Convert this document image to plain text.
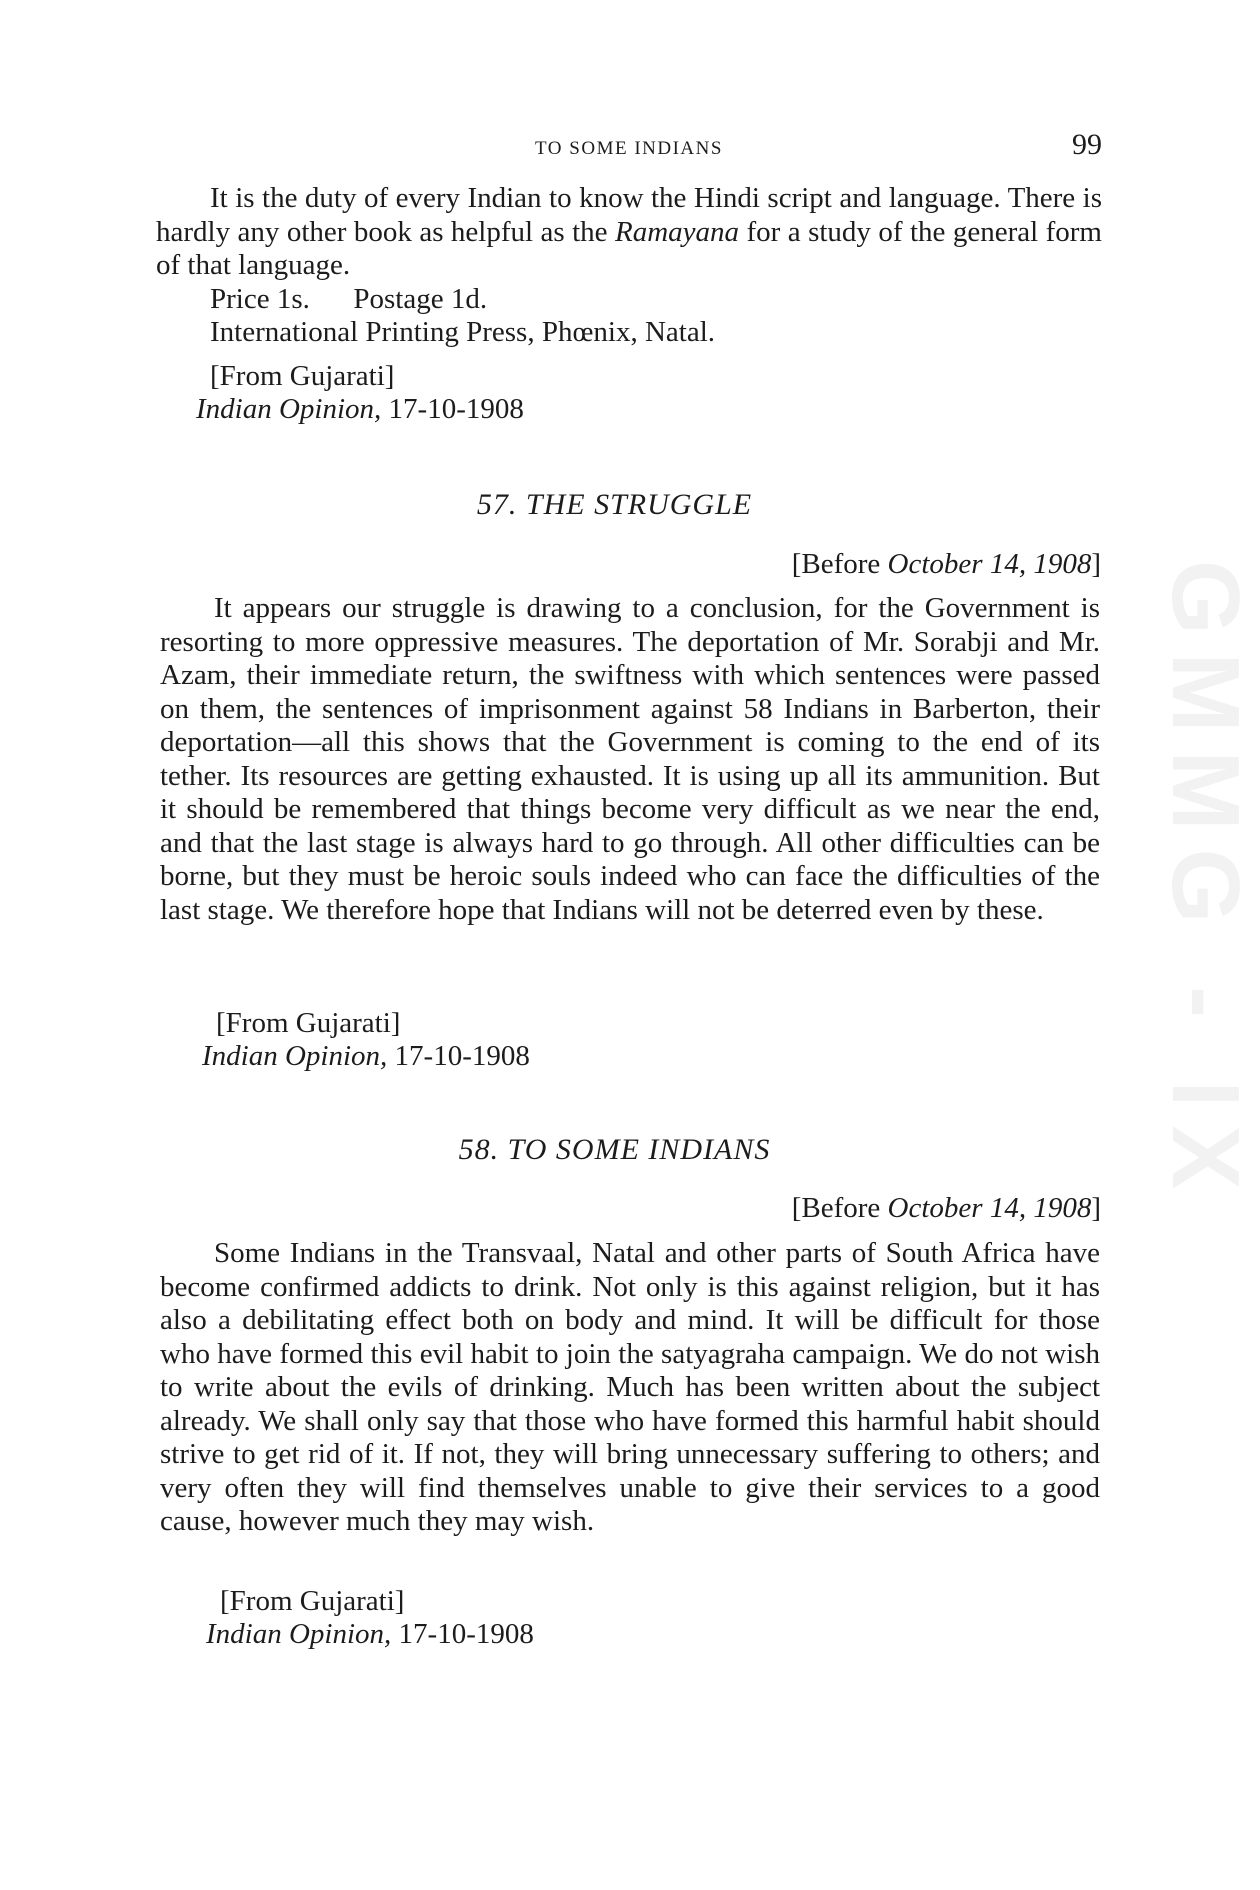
GMMG - IX
TO SOME INDIANS	99

It is the duty of every Indian to know the Hindi script and language. There is hardly any other book as helpful as the Ramayana for a study of the general form of that language.

Price 1s.      Postage 1d.
International Printing Press, Phœnix, Natal.
[From Gujarati]
Indian Opinion, 17-10-1908
57. THE STRUGGLE
[Before October 14, 1908]

It appears our struggle is drawing to a conclusion, for the Government is resorting to more oppressive measures. The deportation of Mr. Sorabji and Mr. Azam, their immediate return, the swiftness with which sentences were passed on them, the sentences of imprisonment against 58 Indians in Barberton, their deportation—all this shows that the Government is coming to the end of its tether. Its resources are getting exhausted. It is using up all its ammunition. But it should be remembered that things become very difficult as we near the end, and that the last stage is always hard to go through. All other difficulties can be borne, but they must be heroic souls indeed who can face the difficulties of the last stage. We therefore hope that Indians will not be deterred even by these.

[From Gujarati]
Indian Opinion, 17-10-1908
58. TO SOME INDIANS
[Before October 14, 1908]

Some Indians in the Transvaal, Natal and other parts of South Africa have become confirmed addicts to drink. Not only is this against religion, but it has also a debilitating effect both on body and mind. It will be difficult for those who have formed this evil habit to join the satyagraha campaign. We do not wish to write about the evils of drinking. Much has been written about the subject already. We shall only say that those who have formed this harmful habit should strive to get rid of it. If not, they will bring unnecessary suffering to others; and very often they will find themselves unable to give their services to a good cause, however much they may wish.

[From Gujarati]
Indian Opinion, 17-10-1908
